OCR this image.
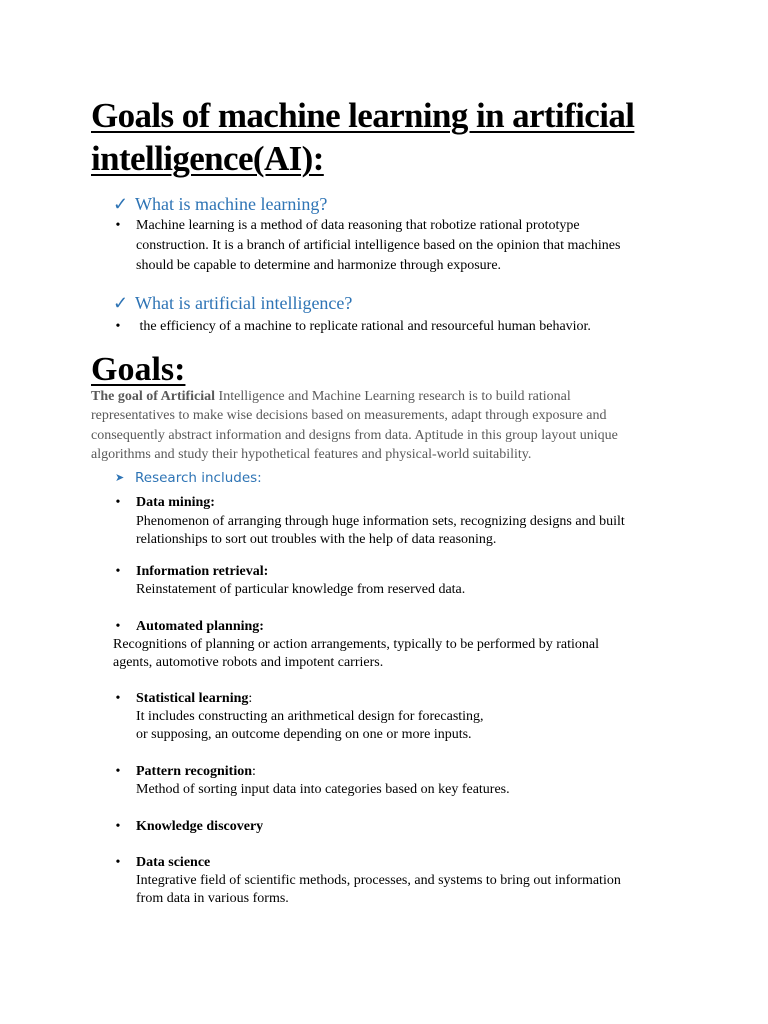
Goals of machine learning in artificial intelligence(AI):
✓ What is machine learning?
• Machine learning is a method of data reasoning that robotize rational prototype
construction. It is a branch of artificial intelligence based on the opinion that machines
should be capable to determine and harmonize through exposure.
✓ What is artificial intelligence?
• the efficiency of a machine to replicate rational and resourceful human behavior.
Goals:
The goal of Artificial Intelligence and Machine Learning research is to build rational
representatives to make wise decisions based on measurements, adapt through exposure and
consequently abstract information and designs from data. Aptitude in this group layout unique
algorithms and study their hypothetical features and physical-world suitability.
➤ Research includes:
• Data mining:
Phenomenon of arranging through huge information sets, recognizing designs and built
relationships to sort out troubles with the help of data reasoning.
• Information retrieval:
Reinstatement of particular knowledge from reserved data.
• Automated planning:
Recognitions of planning or action arrangements, typically to be performed by rational
agents, automotive robots and impotent carriers.
• Statistical learning:
It includes constructing an arithmetical design for forecasting,
or supposing, an outcome depending on one or more inputs.
• Pattern recognition:
Method of sorting input data into categories based on key features.
• Knowledge discovery
• Data science
Integrative field of scientific methods, processes, and systems to bring out information
from data in various forms.
